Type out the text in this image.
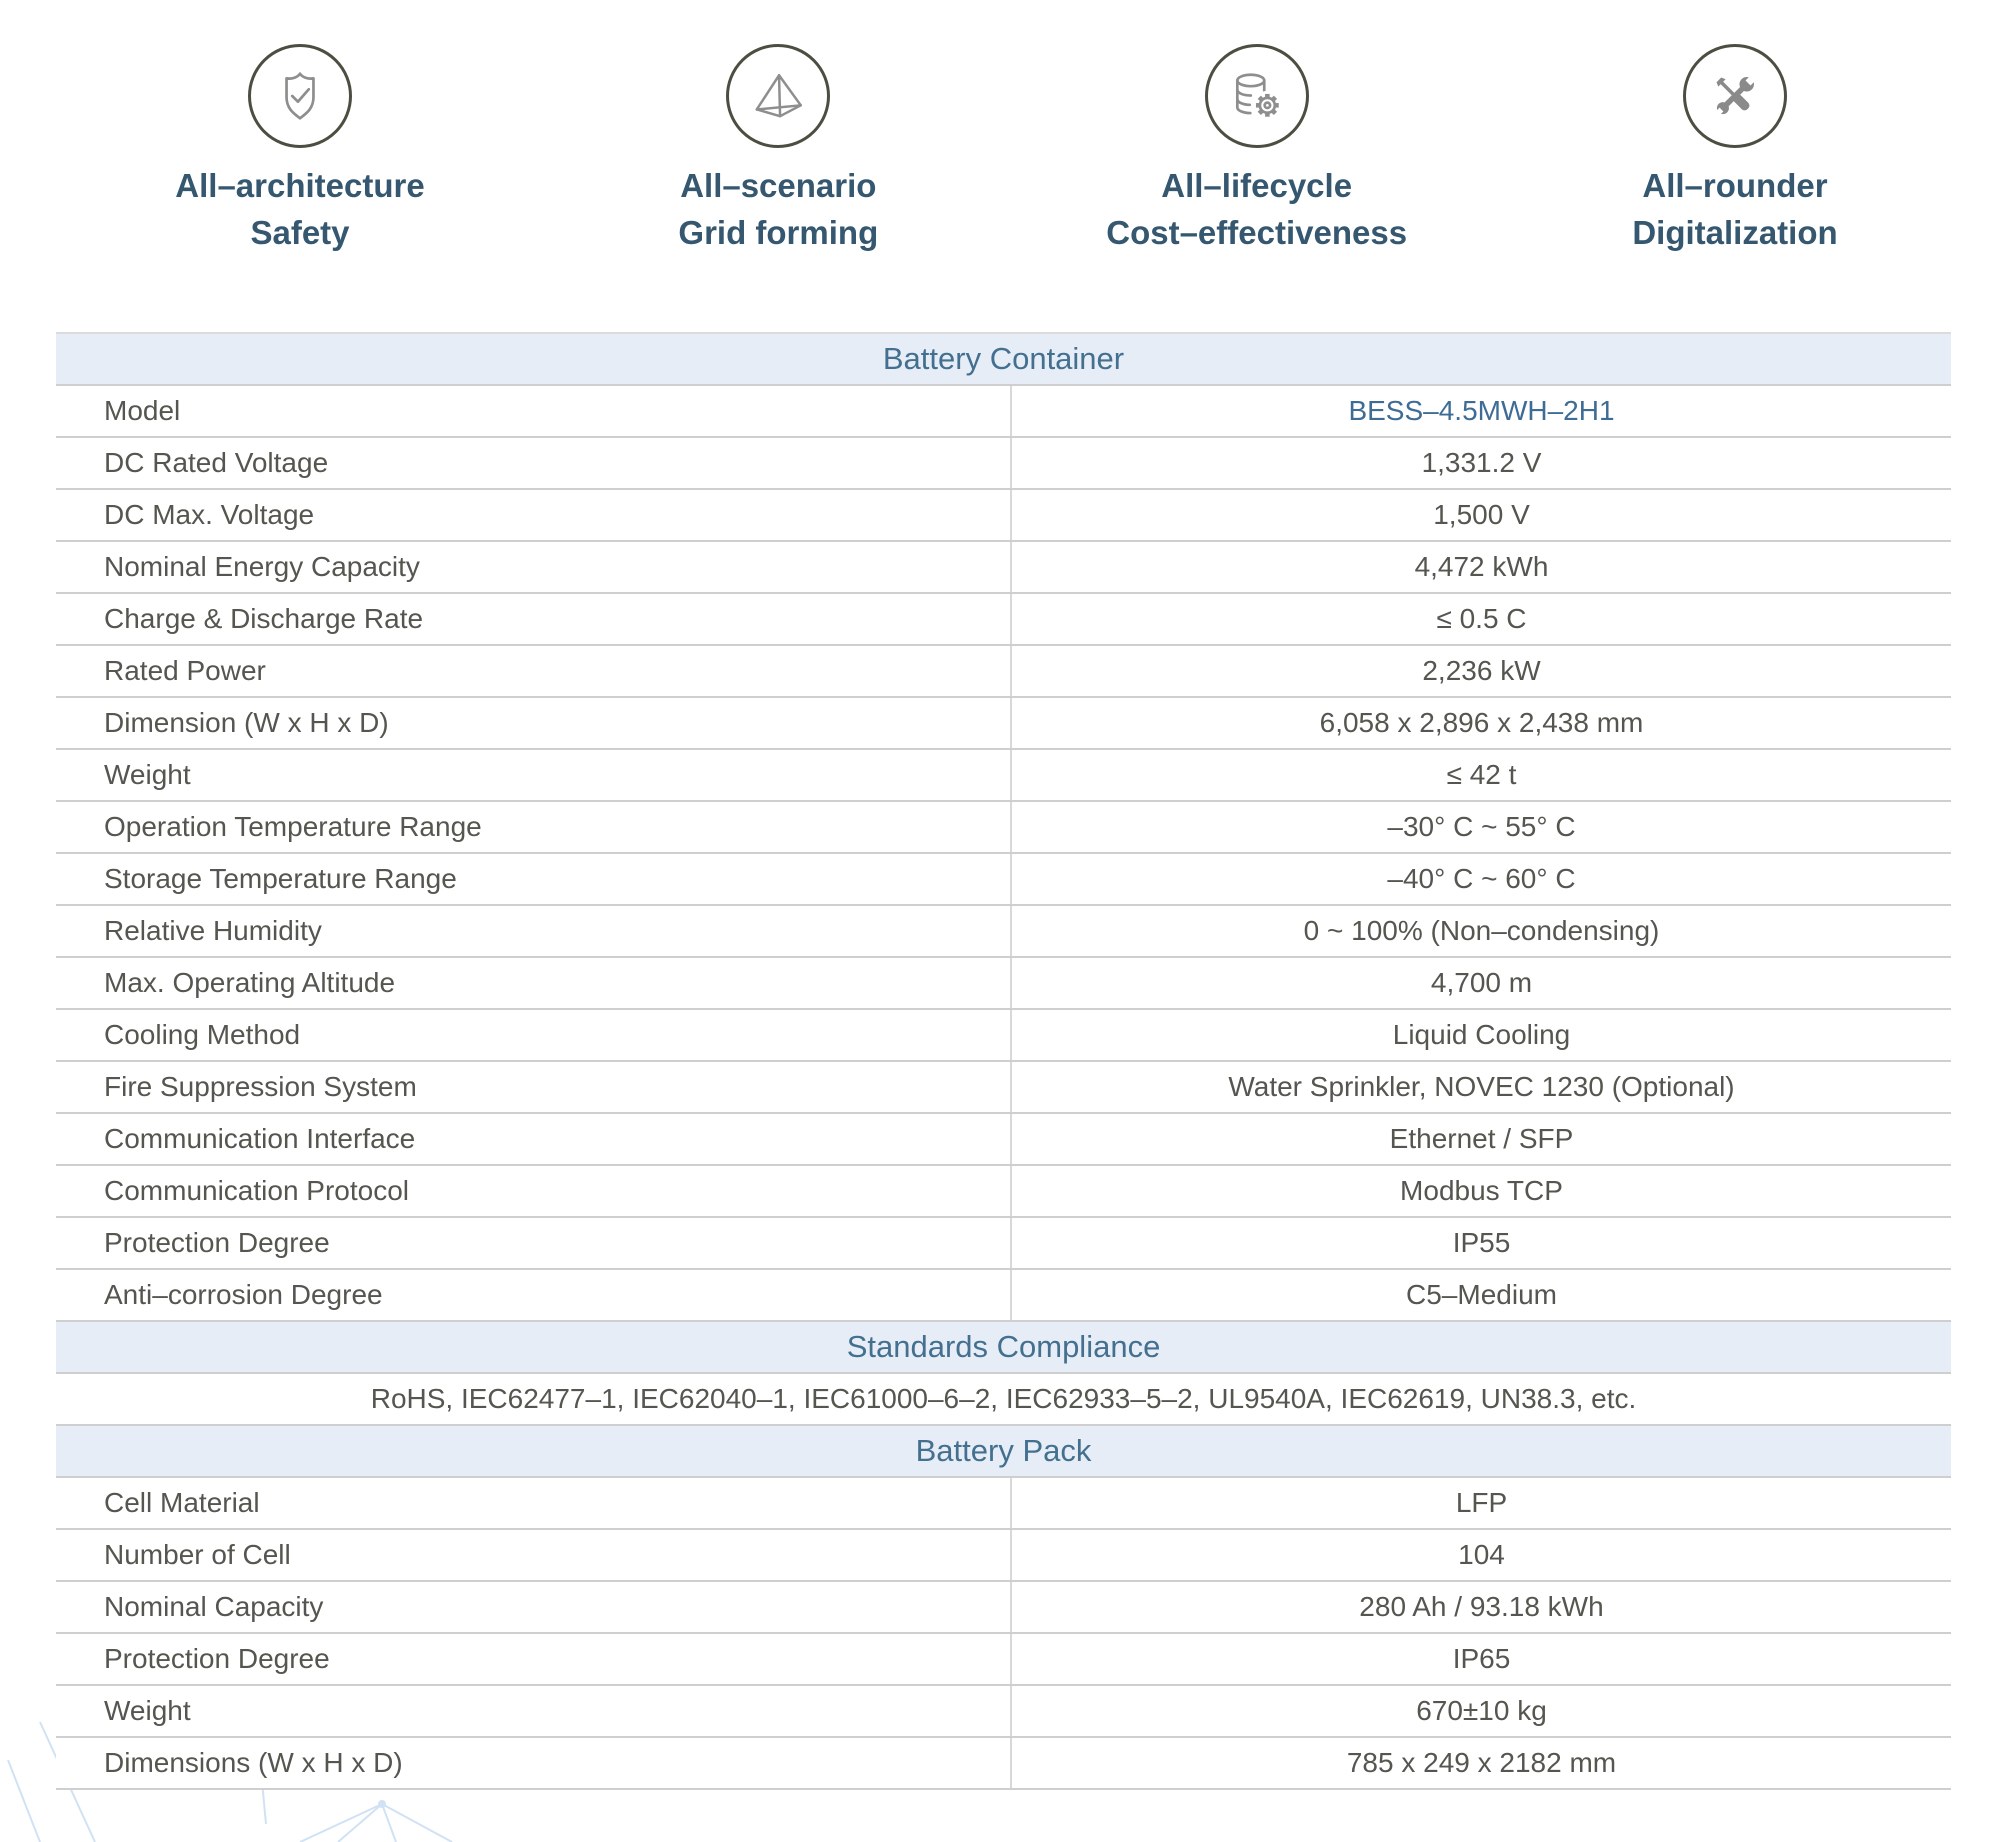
All–architecture
Safety
All–scenario
Grid forming
All–lifecycle
Cost–effectiveness
All–rounder
Digitalization
Battery Container
Model	BESS–4.5MWH–2H1
DC Rated Voltage	1,331.2 V
DC Max. Voltage	1,500 V
Nominal Energy Capacity	4,472 kWh
Charge & Discharge Rate	≤ 0.5 C
Rated Power	2,236 kW
Dimension (W x H x D)	6,058 x 2,896 x 2,438 mm
Weight	≤ 42 t
Operation Temperature Range	–30° C ~ 55° C
Storage Temperature Range	–40° C ~ 60° C
Relative Humidity	0 ~ 100% (Non–condensing)
Max. Operating Altitude	4,700 m
Cooling Method	Liquid Cooling
Fire Suppression System	Water Sprinkler, NOVEC 1230 (Optional)
Communication Interface	Ethernet / SFP
Communication Protocol	Modbus TCP
Protection Degree	IP55
Anti–corrosion Degree	C5–Medium
Standards Compliance
RoHS, IEC62477–1, IEC62040–1, IEC61000–6–2, IEC62933–5–2, UL9540A, IEC62619, UN38.3, etc.
Battery Pack
Cell Material	LFP
Number of Cell	104
Nominal Capacity	280 Ah / 93.18 kWh
Protection Degree	IP65
Weight	670±10 kg
Dimensions (W x H x D)	785 x 249 x 2182 mm
